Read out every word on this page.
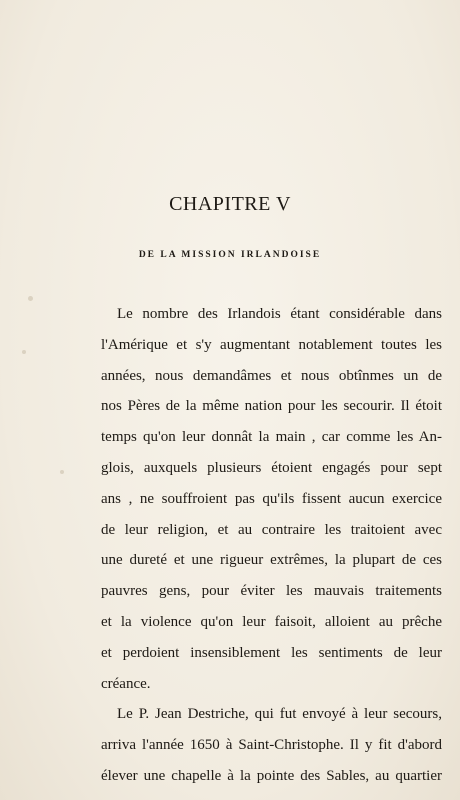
CHAPITRE V
DE LA MISSION IRLANDOISE
Le nombre des Irlandois étant considérable dans
l'Amérique et s'y augmentant notablement toutes les
années, nous demandâmes et nous obtînmes un de
nos Pères de la même nation pour les secourir. Il étoit
temps qu'on leur donnât la main , car comme les An-
glois, auxquels plusieurs étoient engagés pour sept
ans , ne souffroient pas qu'ils fissent aucun exercice
de leur religion, et au contraire les traitoient avec
une dureté et une rigueur extrêmes, la plupart de ces
pauvres gens, pour éviter les mauvais traitements
et la violence qu'on leur faisoit, alloient au prêche
et perdoient insensiblement les sentiments de leur
créance.
Le P. Jean Destriche, qui fut envoyé à leur secours,
arriva l'année 1650 à Saint-Christophe. Il y fit d'abord
élever une chapelle à la pointe des Sables, au quartier
